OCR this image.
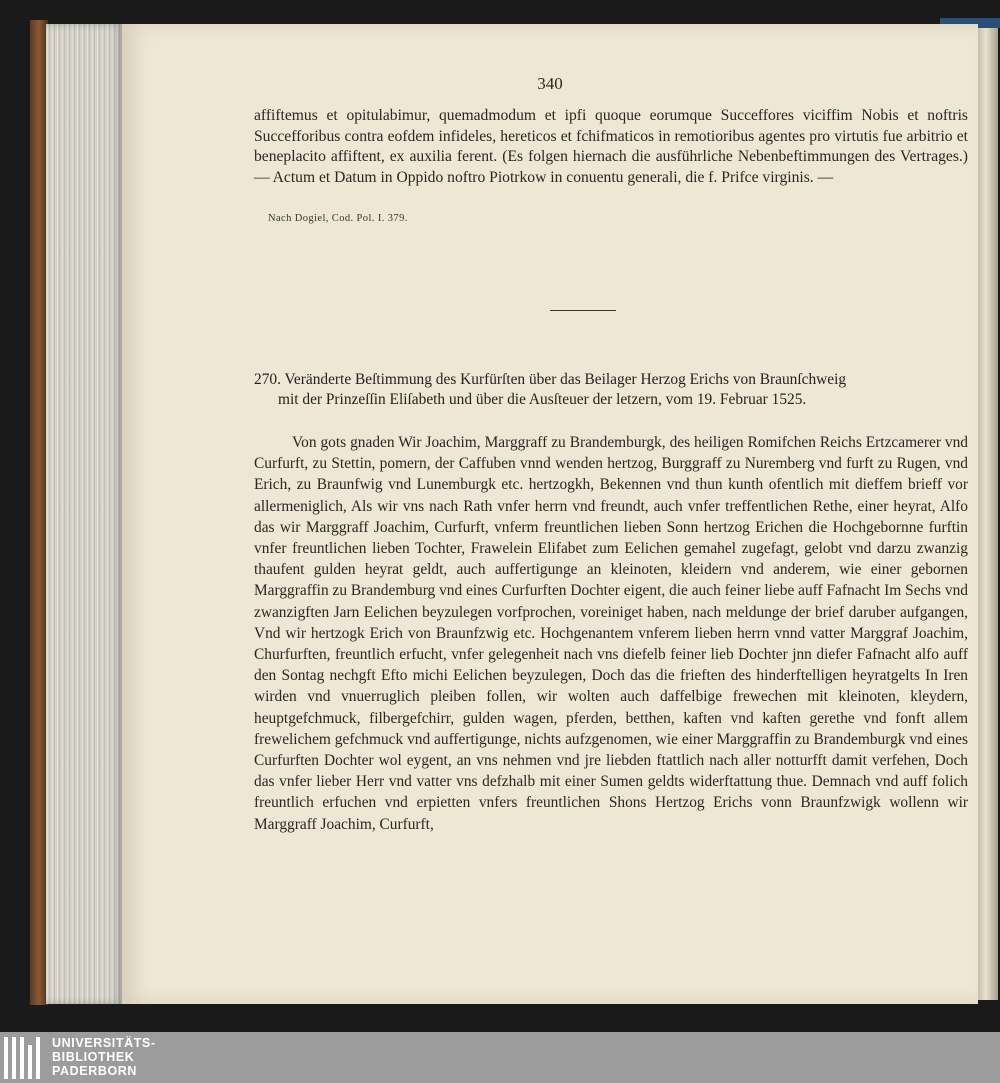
340

affiftemus et opitulabimur, quemadmodum et ipfi quoque eorumque Succeffores viciffim Nobis et noftris Succefforibus contra eofdem infideles, hereticos et fchifmaticos in remotioribus agentes pro virtutis fue arbitrio et beneplacito affiftent, ex auxilia ferent. (Es folgen hiernach die ausführliche Nebenbeftimmungen des Vertrages.) — Actum et Datum in Oppido noftro Piotrkow in conuentu generali, die f. Prifce virginis. —

Nach Dogiel, Cod. Pol. I. 379.
270. Veränderte Beſtimmung des Kurfürſten über das Beilager Herzog Erichs von Braunſchweig
mit der Prinzeſſin Eliſabeth und über die Ausſteuer der letzern, vom 19. Februar 1525.

Von gots gnaden Wir Joachim, Marggraff zu Brandemburgk, des heiligen Romifchen Reichs Ertzcamerer vnd Curfurft, zu Stettin, pomern, der Caffuben vnnd wenden hertzog, Burggraff zu Nuremberg vnd furft zu Rugen, vnd Erich, zu Braunfwig vnd Lunemburgk etc. hertzogkh, Bekennen vnd thun kunth ofentlich mit dieffem brieff vor allermeniglich, Als wir vns nach Rath vnfer herrn vnd freundt, auch vnfer treffentlichen Rethe, einer heyrat, Alfo das wir Marggraff Joachim, Curfurft, vnferm freuntlichen lieben Sonn hertzog Erichen die Hochgebornne furftin vnfer freuntlichen lieben Tochter, Frawelein Elifabet zum Eelichen gemahel zugefagt, gelobt vnd darzu zwanzig thaufent gulden heyrat geldt, auch auffertigunge an kleinoten, kleidern vnd anderem, wie einer gebornen Marggraffin zu Brandemburg vnd eines Curfurften Dochter eigent, die auch feiner liebe auff Fafnacht Im Sechs vnd zwanzigften Jarn Eelichen beyzulegen vorfprochen, voreiniget haben, nach meldunge der brief daruber aufgangen, Vnd wir hertzogk Erich von Braunfzwig etc. Hochgenantem vnferem lieben herrn vnnd vatter Marggraf Joachim, Churfurften, freuntlich erfucht, vnfer gelegenheit nach vns diefelb feiner lieb Dochter jnn diefer Fafnacht alfo auff den Sontag nechgft Efto michi Eelichen beyzulegen, Doch das die frieften des hinderftelligen heyratgelts In Iren wirden vnd vnuerruglich pleiben follen, wir wolten auch daffelbige frewechen mit kleinoten, kleydern, heuptgefchmuck, filbergefchirr, gulden wagen, pferden, betthen, kaften vnd kaften gerethe vnd fonft allem frewelichem gefchmuck vnd auffertigunge, nichts aufzgenomen, wie einer Marggraffin zu Brandemburgk vnd eines Curfurften Dochter wol eygent, an vns nehmen vnd jre liebden ftattlich nach aller notturfft damit verfehen, Doch das vnfer lieber Herr vnd vatter vns defzhalb mit einer Sumen geldts widerftattung thue. Demnach vnd auff folich freuntlich erfuchen vnd erpietten vnfers freuntlichen Shons Hertzog Erichs vonn Braunfzwigk wollenn wir Marggraff Joachim, Curfurft,

UNIVERSITÄTS-
BIBLIOTHEK
PADERBORN
